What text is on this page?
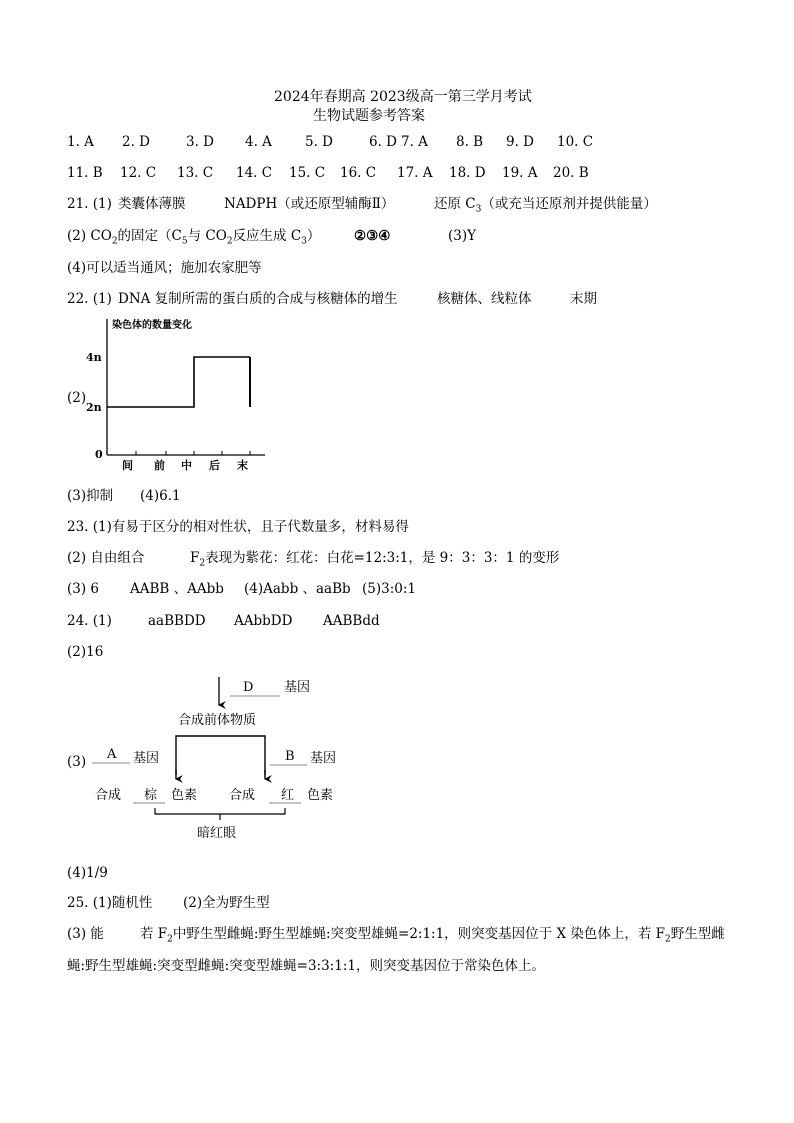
2024年春期高 2023级高一第三学月考试
生物试题参考答案
1. A 2. D	3. D 4. A 5. D	6. D 7. A 8. B 9. D 10. C
11. B 12. C 13. C 14. C 15. C 16. C 17. A 18. D 19. A 20. B
21. (1) 类囊体薄膜	NADPH（或还原型辅酶Ⅱ）	还原 $C_3$（或充当还原剂并提供能量）
(2) $CO_2$的固定（$C_5$与 $CO_2$反应生成 $C_3$） ②③④	(3)Y
(4)可以适当通风；施加农家肥等
22. (1) DNA 复制所需的蛋白质的合成与核糖体的增生	核糖体、线粒体	末期
(2)
染色体的数量变化
4n
2n
0
间 前 中 后 末
(3)抑制 (4)6.1
23. (1)有易于区分的相对性状，且子代数量多，材料易得
(2) 自由组合	$F_2$表现为紫花：红花：白花=12:3:1，是 9：3：3：1 的变形
(3) 6 AABB 、AAbb (4)Aabb 、aaBb (5)3:0:1
24. (1)	aaBBDD AAbbDD AABBdd
(2)16
(3)
D 基因
合成前体物质
A 基因	B 基因
合成 棕 色素 合成 红 色素
暗红眼
(4)1/9
25. (1)随机性 (2)全为野生型
(3) 能	若 $F_2$中野生型雌蝇:野生型雄蝇:突变型雄蝇=2:1:1，则突变基因位于 X 染色体上，若 $F_2$野生型雌
蝇:野生型雄蝇:突变型雌蝇:突变型雄蝇=3:3:1:1，则突变基因位于常染色体上。
